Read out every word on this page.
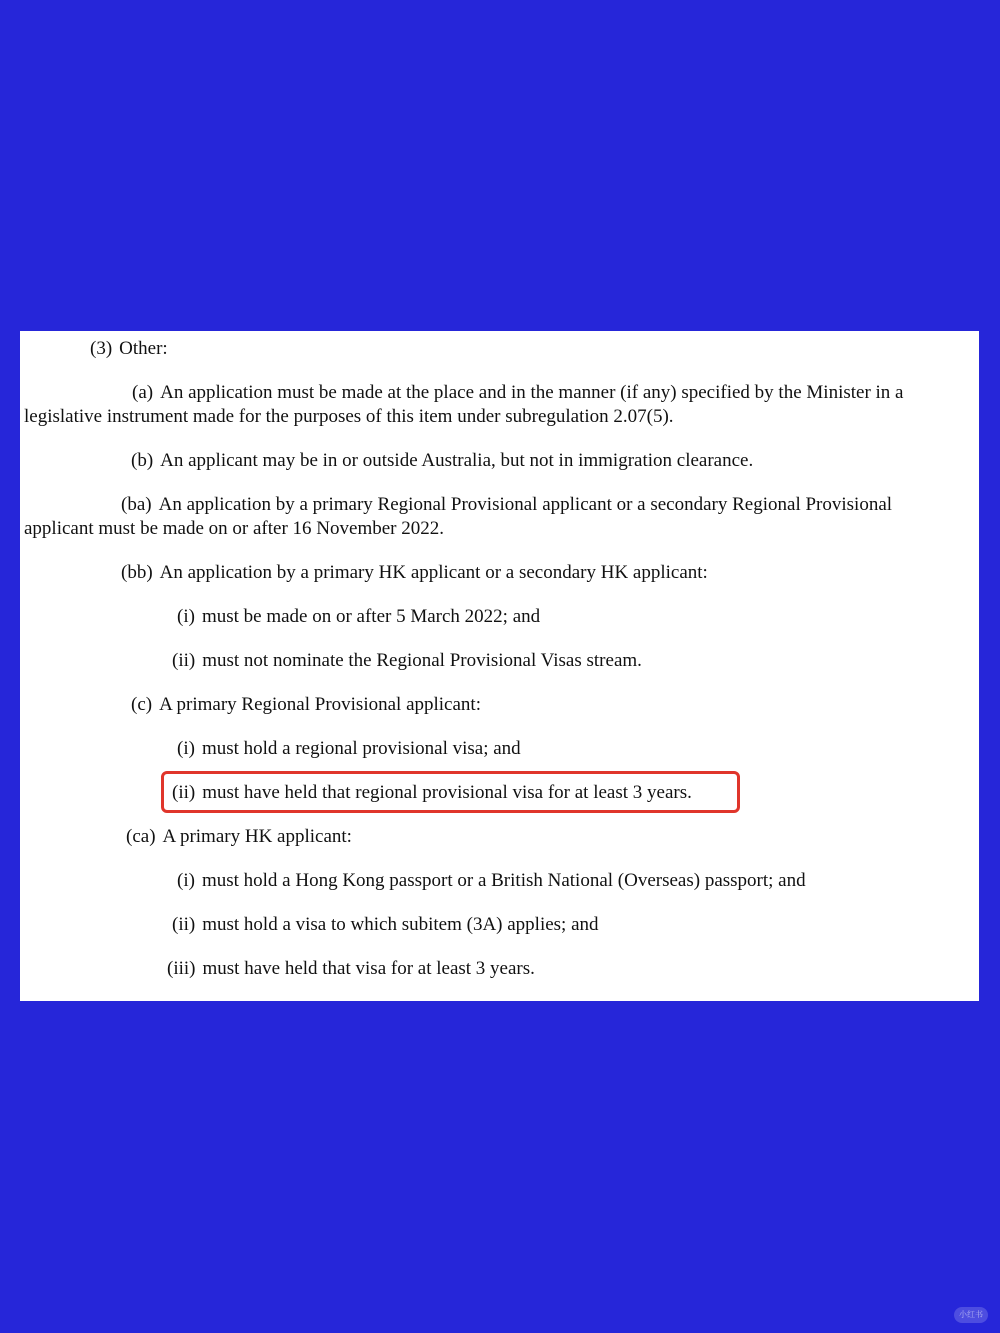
(3) Other:
(a) An application must be made at the place and in the manner (if any) specified by the Minister in a legislative instrument made for the purposes of this item under subregulation 2.07(5).
(b) An applicant may be in or outside Australia, but not in immigration clearance.
(ba) An application by a primary Regional Provisional applicant or a secondary Regional Provisional applicant must be made on or after 16 November 2022.
(bb) An application by a primary HK applicant or a secondary HK applicant:
(i) must be made on or after 5 March 2022; and
(ii) must not nominate the Regional Provisional Visas stream.
(c) A primary Regional Provisional applicant:
(i) must hold a regional provisional visa; and
(ii) must have held that regional provisional visa for at least 3 years.
(ca) A primary HK applicant:
(i) must hold a Hong Kong passport or a British National (Overseas) passport; and
(ii) must hold a visa to which subitem (3A) applies; and
(iii) must have held that visa for at least 3 years.
小红书
